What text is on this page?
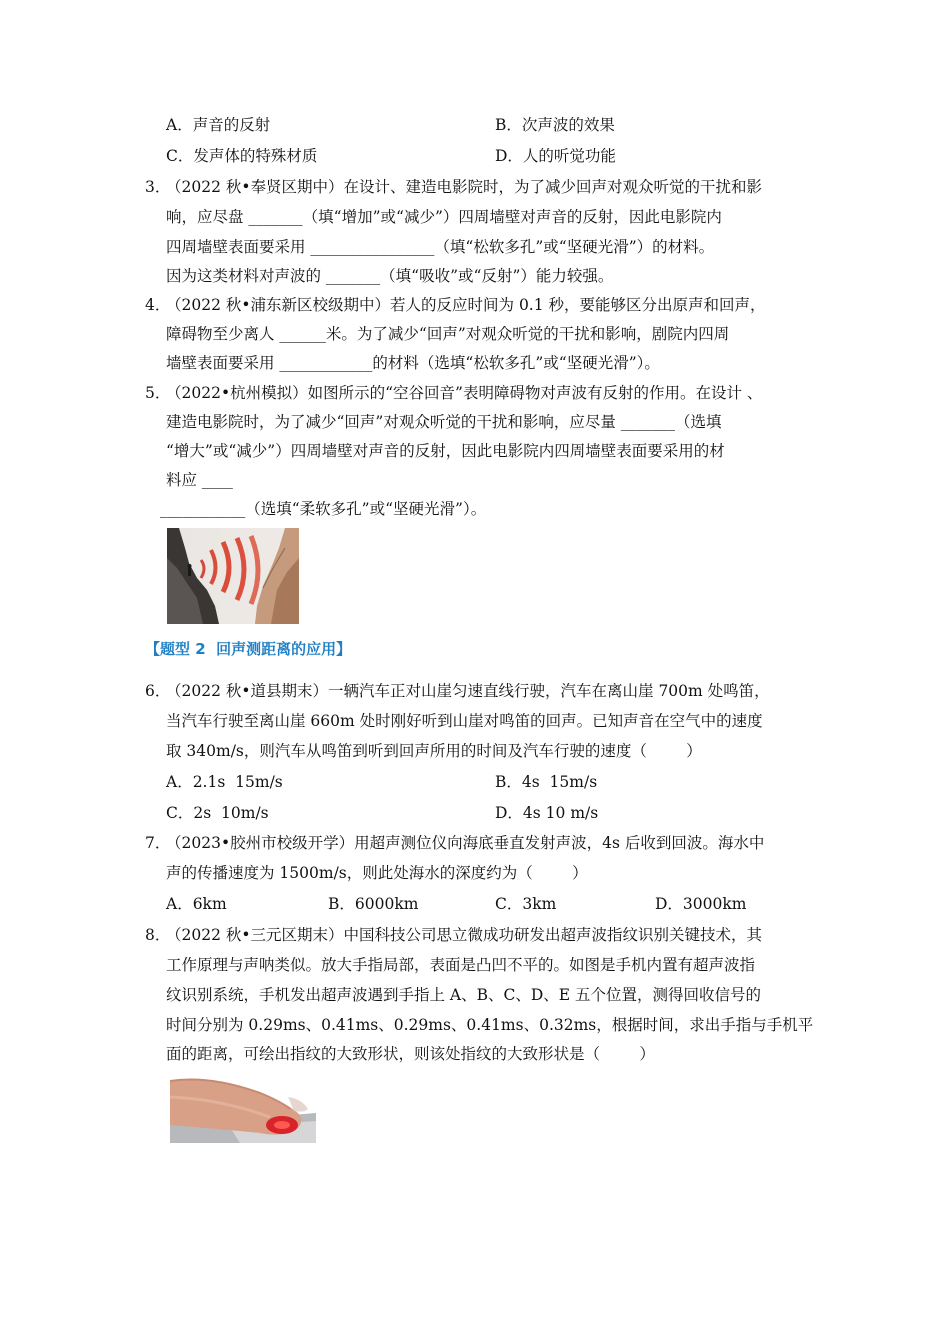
A．声音的反射	B．次声波的效果
C．发声体的特殊材质	D．人的听觉功能
3．
（2022 秋•奉贤区期中）在设计、建造电影院时，为了减少回声对观众听觉的干扰和影
响，应尽盘 _______（填“增加”或“减少”）四周墙壁对声音的反射，因此电影院内
四周墙壁表面要采用 ________________（填“松软多孔”或“坚硬光滑”）的材料。
因为这类材料对声波的 _______（填“吸收”或“反射”）能力较强。
4．
（2022 秋•浦东新区校级期中）若人的反应时间为 0.1 秒，要能够区分出原声和回声，
障碍物至少离人 ______米。为了减少“回声”对观众听觉的干扰和影响，剧院内四周
墙壁表面要采用 ____________的材料（选填“松软多孔”或“坚硬光滑”）。
5．
（2022•杭州模拟）如图所示的“空谷回音”表明障碍物对声波有反射的作用。在设计 、
建造电影院时，为了减少“回声”对观众听觉的干扰和影响，应尽量 _______（选填
“增大”或“减少”）四周墙壁对声音的反射，因此电影院内四周墙壁表面要采用的材
料应 ____
___________（选填“柔软多孔”或“坚硬光滑”）。
【题型 2  回声测距离的应用】
6．
（2022 秋•道县期末）一辆汽车正对山崖匀速直线行驶，汽车在离山崖 700m 处鸣笛，
当汽车行驶至离山崖 660m 处时刚好听到山崖对鸣笛的回声。已知声音在空气中的速度
取 340m/s，则汽车从鸣笛到听到回声所用的时间及汽车行驶的速度（        ）
A．2.1s  15m/s	B．4s  15m/s
C．2s  10m/s	D．4s 10 m/s
7．
（2023•胶州市校级开学）用超声测位仪向海底垂直发射声波，4s 后收到回波。海水中
声的传播速度为 1500m/s，则此处海水的深度约为（        ）
A．6km	B．6000km	C．3km	D．3000km
8．
（2022 秋•三元区期末）中国科技公司思立微成功研发出超声波指纹识别关键技术，其
工作原理与声呐类似。放大手指局部，表面是凸凹不平的。如图是手机内置有超声波指
纹识别系统，手机发出超声波遇到手指上 A、B、C、D、E 五个位置，测得回收信号的
时间分别为 0.29ms、0.41ms、0.29ms、0.41ms、0.32ms，根据时间，求出手指与手机平
面的距离，可绘出指纹的大致形状，则该处指纹的大致形状是（        ）
